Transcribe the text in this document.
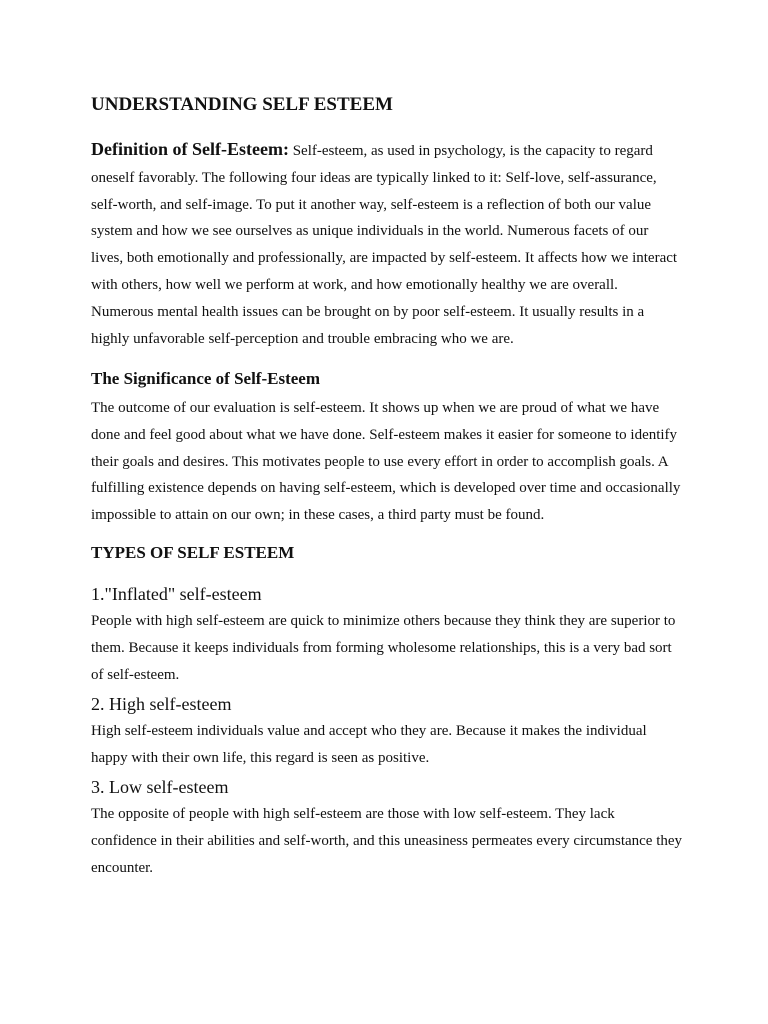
UNDERSTANDING SELF ESTEEM

Definition of Self-Esteem: Self-esteem, as used in psychology, is the capacity to regard oneself favorably. The following four ideas are typically linked to it: Self-love, self-assurance, self-worth, and self-image. To put it another way, self-esteem is a reflection of both our value system and how we see ourselves as unique individuals in the world. Numerous facets of our lives, both emotionally and professionally, are impacted by self-esteem. It affects how we interact with others, how well we perform at work, and how emotionally healthy we are overall. Numerous mental health issues can be brought on by poor self-esteem. It usually results in a highly unfavorable self-perception and trouble embracing who we are.

The Significance of Self-Esteem

The outcome of our evaluation is self-esteem. It shows up when we are proud of what we have done and feel good about what we have done. Self-esteem makes it easier for someone to identify their goals and desires. This motivates people to use every effort in order to accomplish goals. A fulfilling existence depends on having self-esteem, which is developed over time and occasionally impossible to attain on our own; in these cases, a third party must be found.

TYPES OF SELF ESTEEM
1."Inflated" self-esteem

People with high self-esteem are quick to minimize others because they think they are superior to them. Because it keeps individuals from forming wholesome relationships, this is a very bad sort of self-esteem.

2. High self-esteem

High self-esteem individuals value and accept who they are. Because it makes the individual happy with their own life, this regard is seen as positive.

3. Low self-esteem

The opposite of people with high self-esteem are those with low self-esteem. They lack confidence in their abilities and self-worth, and this uneasiness permeates every circumstance they encounter.
